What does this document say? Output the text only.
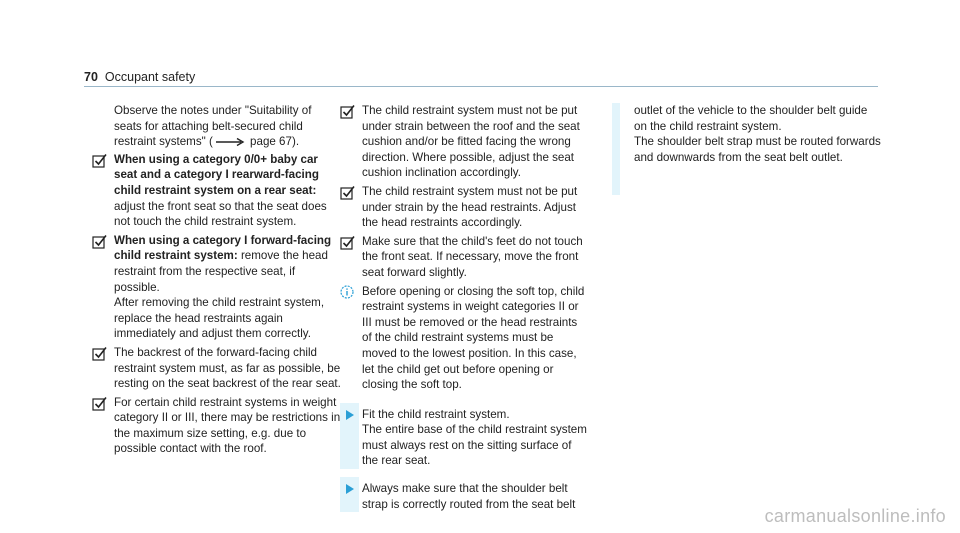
70 Occupant safety
Observe the notes under "Suitability of seats for attaching belt-secured child restraint systems" (	page 67).
When using a category 0/0+ baby car seat and a category I rearward-facing child restraint system on a rear seat: adjust the front seat so that the seat does not touch the child restraint system.
When using a category I forward-facing child restraint system: remove the head restraint from the respective seat, if possible.
After removing the child restraint system, replace the head restraints again immediately and adjust them correctly.
The backrest of the forward-facing child restraint system must, as far as possible, be resting on the seat backrest of the rear seat.
For certain child restraint systems in weight category II or III, there may be restrictions in the maximum size setting, e.g. due to possible contact with the roof.
The child restraint system must not be put under strain between the roof and the seat cushion and/or be fitted facing the wrong direction. Where possible, adjust the seat cushion inclination accordingly.
The child restraint system must not be put under strain by the head restraints. Adjust the head restraints accordingly.
Make sure that the child's feet do not touch the front seat. If necessary, move the front seat forward slightly.
Before opening or closing the soft top, child restraint systems in weight categories II or III must be removed or the head restraints of the child restraint systems must be moved to the lowest position. In this case, let the child get out before opening or closing the soft top.
Fit the child restraint system.
The entire base of the child restraint system must always rest on the sitting surface of the rear seat.
Always make sure that the shoulder belt strap is correctly routed from the seat belt
outlet of the vehicle to the shoulder belt guide on the child restraint system.
The shoulder belt strap must be routed forwards and downwards from the seat belt outlet.
carmanualsonline.info
